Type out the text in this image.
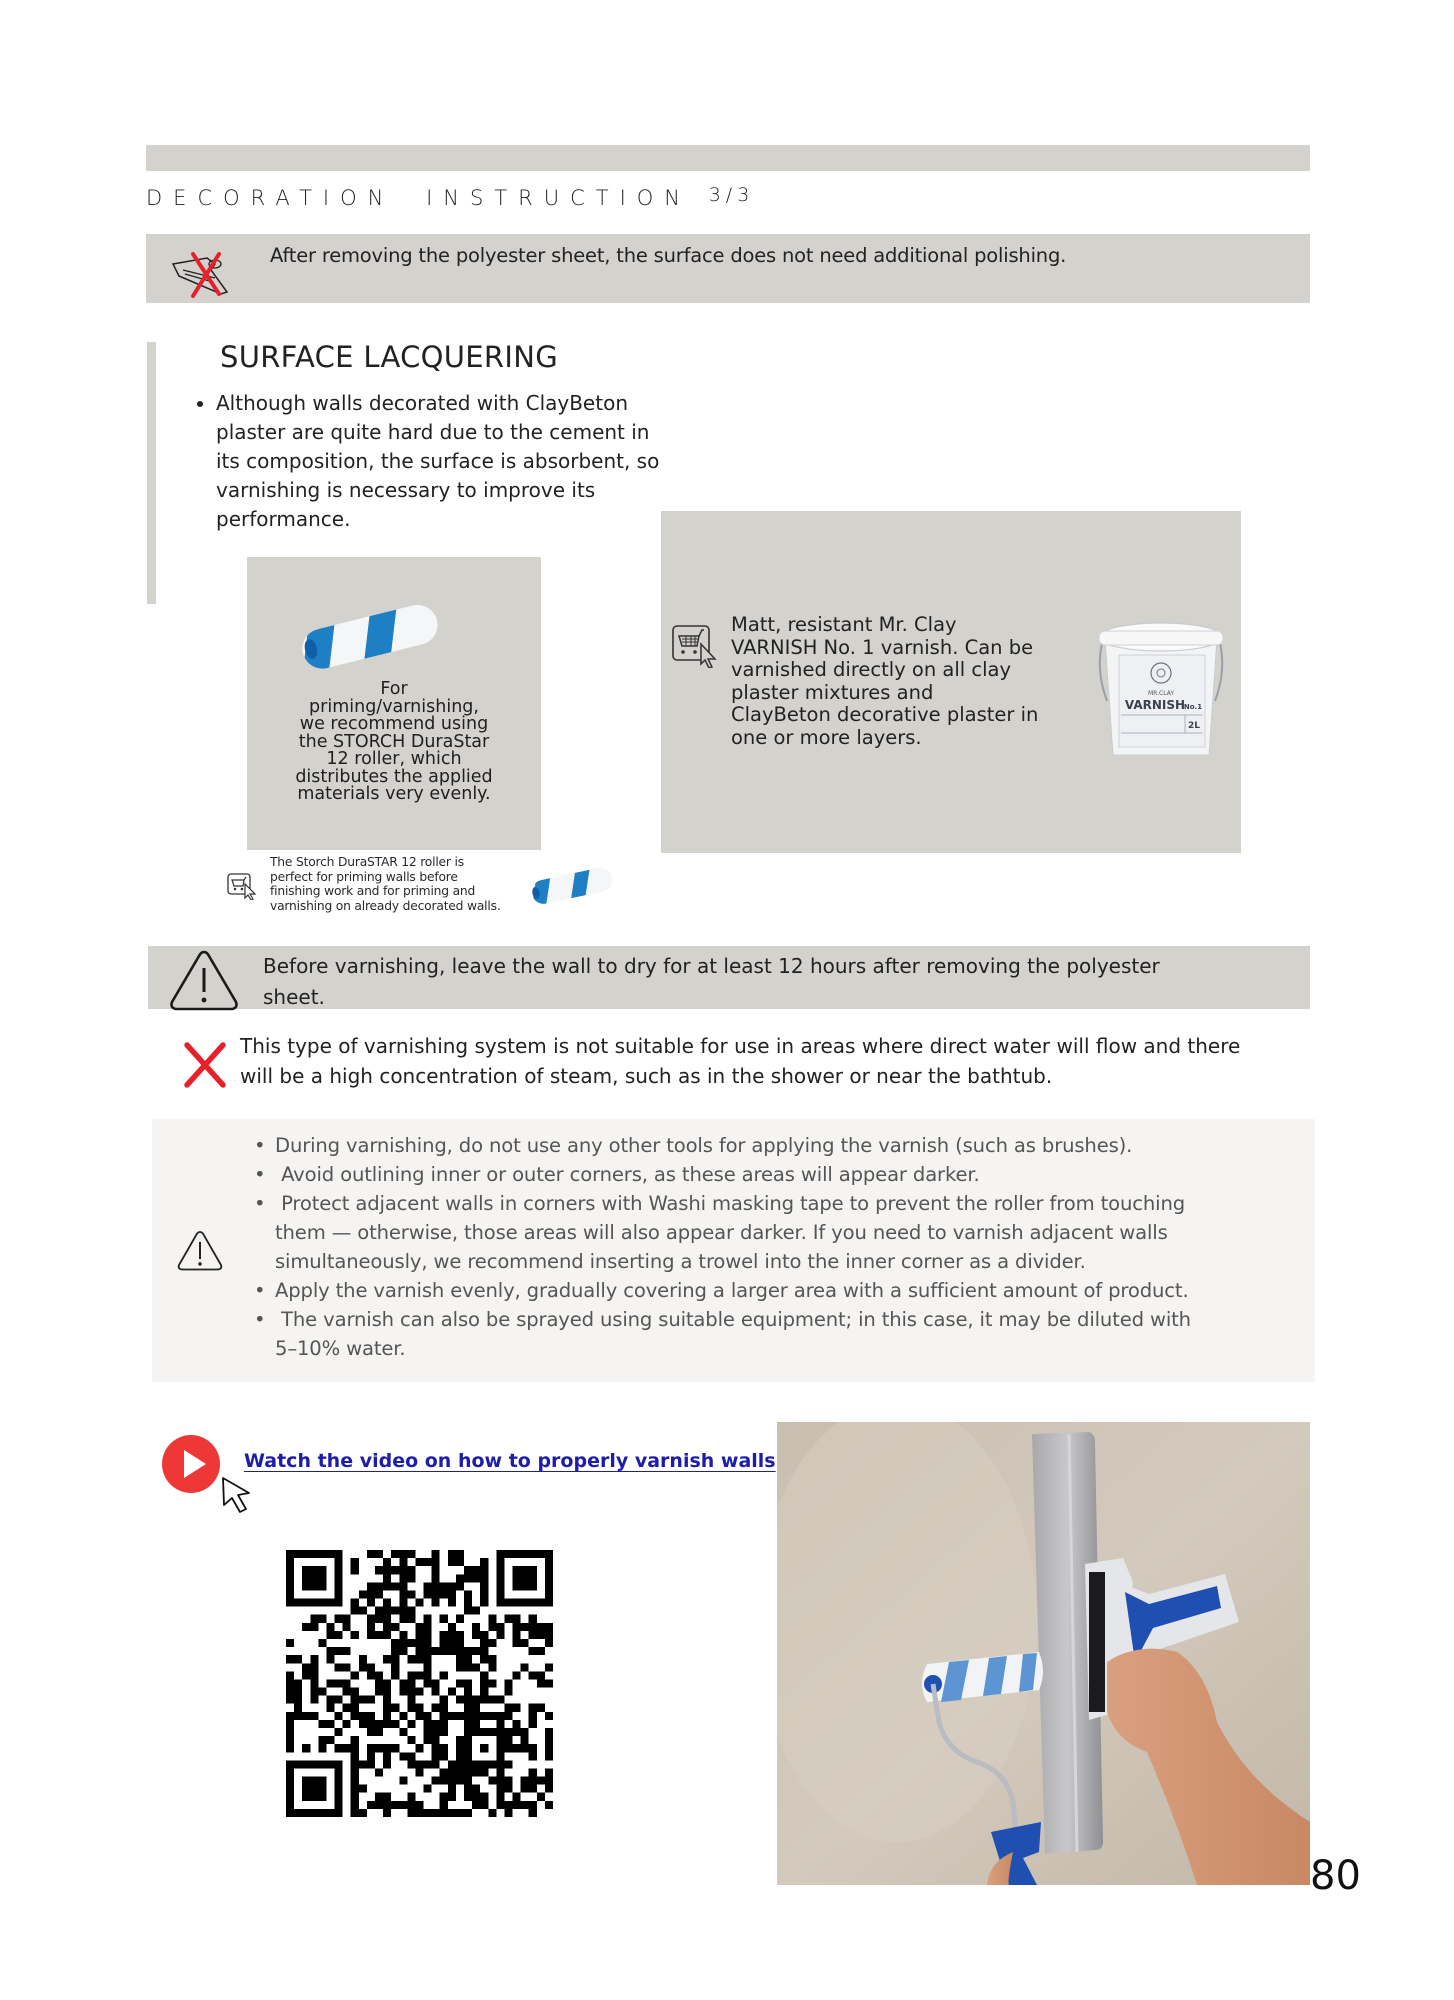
DECORATION INSTRUCTION 3/3
After removing the polyester sheet, the surface does not need additional polishing.
SURFACE LACQUERING
• Although walls decorated with ClayBeton plaster are quite hard due to the cement in its composition, the surface is absorbent, so varnishing is necessary to improve its performance.
For
priming/varnishing,
we recommend using
the STORCH DuraStar
12 roller, which
distributes the applied
materials very evenly.
The Storch DuraSTAR 12 roller is
perfect for priming walls before
finishing work and for priming and
varnishing on already decorated walls.
Matt, resistant Mr. Clay
VARNISH No. 1 varnish. Can be
varnished directly on all clay
plaster mixtures and
ClayBeton decorative plaster in
one or more layers.
MR.CLAY
VARNISH
No.1
2L
Before varnishing, leave the wall to dry for at least 12 hours after removing the polyester
sheet.
This type of varnishing system is not suitable for use in areas where direct water will flow and there
will be a high concentration of steam, such as in the shower or near the bathtub.
• During varnishing, do not use any other tools for applying the varnish (such as brushes).
• Avoid outlining inner or outer corners, as these areas will appear darker.
• Protect adjacent walls in corners with Washi masking tape to prevent the roller from touching
them — otherwise, those areas will also appear darker. If you need to varnish adjacent walls
simultaneously, we recommend inserting a trowel into the inner corner as a divider.
• Apply the varnish evenly, gradually covering a larger area with a sufficient amount of product.
• The varnish can also be sprayed using suitable equipment; in this case, it may be diluted with
5–10% water.
Watch the video on how to properly varnish walls
80
